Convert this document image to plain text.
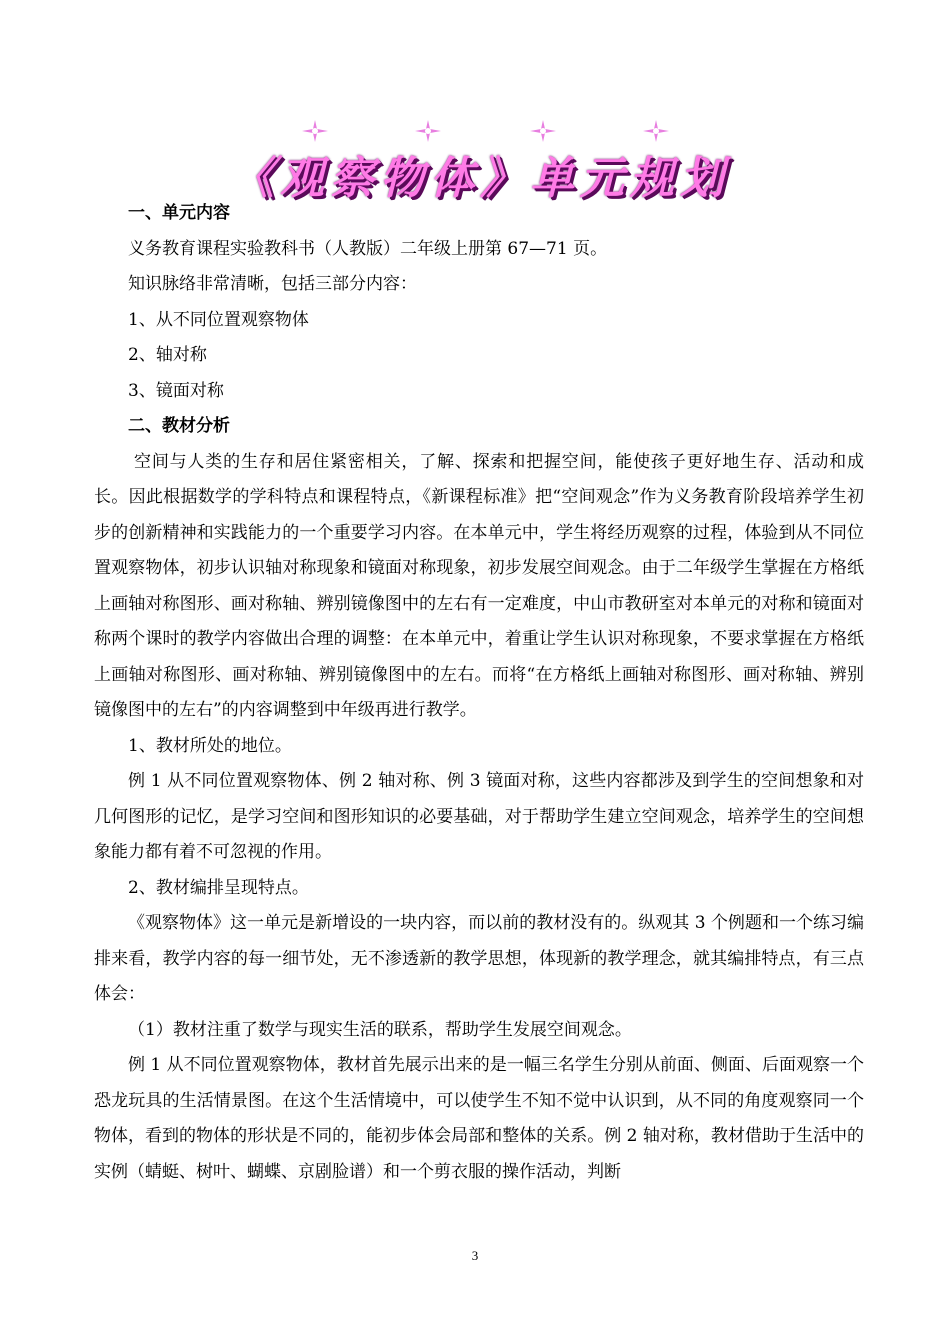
《观察物体》单元规划
一、单元内容
义务教育课程实验教科书（人教版）二年级上册第 67—71 页。
知识脉络非常清晰，包括三部分内容：
1、从不同位置观察物体
2、轴对称
3、镜面对称
二、教材分析
空间与人类的生存和居住紧密相关，了解、探索和把握空间，能使孩子更好地生存、活动和成长。因此根据数学的学科特点和课程特点，《新课程标准》把“空间观念”作为义务教育阶段培养学生初步的创新精神和实践能力的一个重要学习内容。在本单元中，学生将经历观察的过程，体验到从不同位置观察物体，初步认识轴对称现象和镜面对称现象，初步发展空间观念。由于二年级学生掌握在方格纸上画轴对称图形、画对称轴、辨别镜像图中的左右有一定难度，中山市教研室对本单元的对称和镜面对称两个课时的教学内容做出合理的调整：在本单元中，着重让学生认识对称现象，不要求掌握在方格纸上画轴对称图形、画对称轴、辨别镜像图中的左右。而将“在方格纸上画轴对称图形、画对称轴、辨别镜像图中的左右”的内容调整到中年级再进行教学。
1、教材所处的地位。
例 1 从不同位置观察物体、例 2 轴对称、例 3 镜面对称，这些内容都涉及到学生的空间想象和对几何图形的记忆，是学习空间和图形知识的必要基础，对于帮助学生建立空间观念，培养学生的空间想象能力都有着不可忽视的作用。
2、教材编排呈现特点。
《观察物体》这一单元是新增设的一块内容，而以前的教材没有的。纵观其 3 个例题和一个练习编排来看，教学内容的每一细节处，无不渗透新的教学思想，体现新的教学理念，就其编排特点，有三点体会：
（1）教材注重了数学与现实生活的联系，帮助学生发展空间观念。
例 1 从不同位置观察物体，教材首先展示出来的是一幅三名学生分别从前面、侧面、后面观察一个恐龙玩具的生活情景图。在这个生活情境中，可以使学生不知不觉中认识到，从不同的角度观察同一个物体，看到的物体的形状是不同的，能初步体会局部和整体的关系。例 2 轴对称，教材借助于生活中的实例（蜻蜓、树叶、蝴蝶、京剧脸谱）和一个剪衣服的操作活动，判断
3
